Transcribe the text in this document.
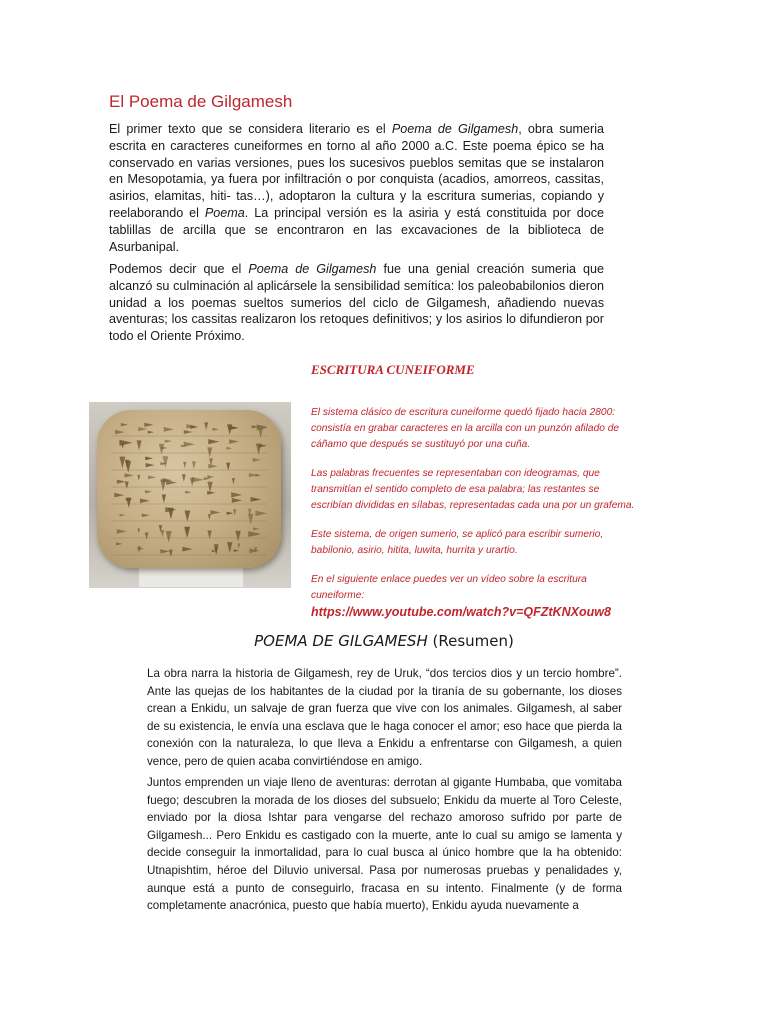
El Poema de Gilgamesh

El primer texto que se considera literario es el Poema de Gilgamesh, obra sumeria escrita en caracteres cuneiformes en torno al año 2000 a.C. Este poema épico se ha conservado en varias versiones, pues los sucesivos pueblos semitas que se instalaron en Mesopotamia, ya fuera por infiltración o por conquista (acadios, amorreos, cassitas, asirios, elamitas, hiti- tas…), adoptaron la cultura y la escritura sumerias, copiando y reelaborando el Poema. La principal versión es la asiria y está constituida por doce tablillas de arcilla que se encontraron en las excavaciones de la biblioteca de Asurbanipal.

Podemos decir que el Poema de Gilgamesh fue una genial creación sumeria que alcanzó su culminación al aplicársele la sensibilidad semítica: los paleobabilonios dieron unidad a los poemas sueltos sumerios del ciclo de Gilgamesh, añadiendo nuevas aventuras; los cassitas realizaron los retoques definitivos; y los asirios lo difundieron por todo el Oriente Próximo.

ESCRITURA CUNEIFORME

El sistema clásico de escritura cuneiforme quedó fijado hacia 2800: consistía en grabar caracteres en la arcilla con un punzón afilado de cáñamo que después se sustituyó por una cuña.

Las palabras frecuentes se representaban con ideogramas, que transmitían el sentido completo de esa palabra; las restantes se escribían divididas en sílabas, representadas cada una por un grafema.

Este sistema, de origen sumerio, se aplicó para escribir sumerio, babilonio, asirio, hitita, luwita, hurrita y urartio.

En el siguiente enlace puedes ver un vídeo sobre la escritura cuneiforme:

https://www.youtube.com/watch?v=QFZtKNXouw8
POEMA DE GILGAMESH (Resumen)

La obra narra la historia de Gilgamesh, rey de Uruk, “dos tercios dios y un tercio hombre”. Ante las quejas de los habitantes de la ciudad por la tiranía de su gobernante, los dioses crean a Enkidu, un salvaje de gran fuerza que vive con los animales. Gilgamesh, al saber de su existencia, le envía una esclava que le haga conocer el amor; eso hace que pierda la conexión con la naturaleza, lo que lleva a Enkidu a enfrentarse con Gilgamesh, a quien vence, pero de quien acaba convirtiéndose en amigo.

Juntos emprenden un viaje lleno de aventuras: derrotan al gigante Humbaba, que vomitaba fuego; descubren la morada de los dioses del subsuelo; Enkidu da muerte al Toro Celeste, enviado por la diosa Ishtar para vengarse del rechazo amoroso sufrido por parte de Gilgamesh... Pero Enkidu es castigado con la muerte, ante lo cual su amigo se lamenta y decide conseguir la inmortalidad, para lo cual busca al único hombre que la ha obtenido: Utnapishtim, héroe del Diluvio universal. Pasa por numerosas pruebas y penalidades y, aunque está a punto de conseguirlo, fracasa en su intento. Finalmente (y de forma completamente anacrónica, puesto que había muerto), Enkidu ayuda nuevamente a
